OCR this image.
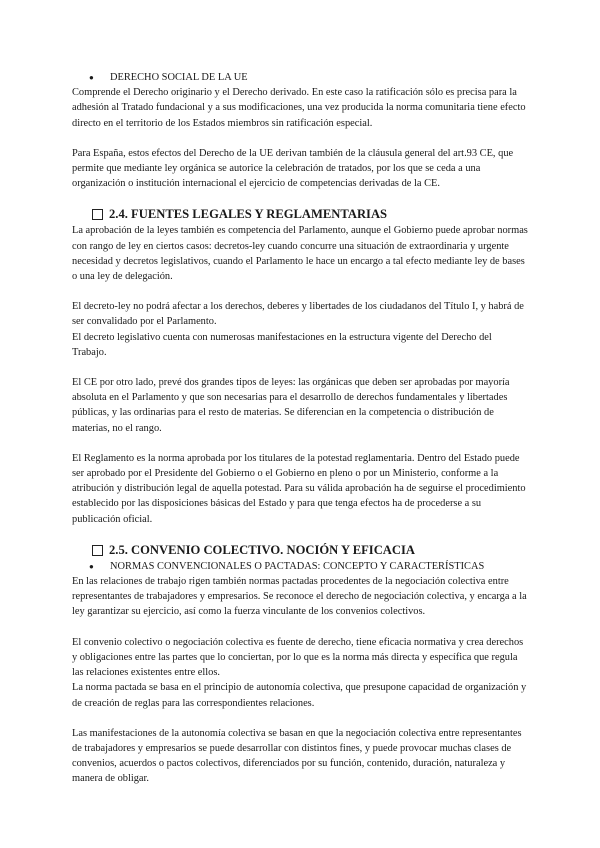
●	DERECHO SOCIAL DE LA UE

Comprende el Derecho originario y el Derecho derivado. En este caso la ratificación sólo es precisa para la adhesión al Tratado fundacional y a sus modificaciones, una vez producida la norma comunitaria tiene efecto directo en el territorio de los Estados miembros sin ratificación especial.

Para España, estos efectos del Derecho de la UE derivan también de la cláusula general del art.93 CE, que permite que mediante ley orgánica se autorice la celebración de tratados, por los que se ceda a una organización o institución internacional el ejercicio de competencias derivadas de la CE.

2.4. FUENTES LEGALES Y REGLAMENTARIAS

La aprobación de la leyes también es competencia del Parlamento, aunque el Gobierno puede aprobar normas con rango de ley en ciertos casos: decretos-ley cuando concurre una situación de extraordinaria y urgente necesidad y decretos legislativos, cuando el Parlamento le hace un encargo a tal efecto mediante ley de bases o una ley de delegación.

El decreto-ley no podrá afectar a los derechos, deberes y libertades de los ciudadanos del Título I, y habrá de ser convalidado por el Parlamento.

El decreto legislativo cuenta con numerosas manifestaciones en la estructura vigente del Derecho del Trabajo.

El CE por otro lado, prevé dos grandes tipos de leyes: las orgánicas que deben ser aprobadas por mayoría absoluta en el Parlamento y que son necesarias para el desarrollo de derechos fundamentales y libertades públicas, y las ordinarias para el resto de materias. Se diferencian en la competencia o distribución de materias, no el rango.

El Reglamento es la norma aprobada por los titulares de la potestad reglamentaria. Dentro del Estado puede ser aprobado por el Presidente del Gobierno o el Gobierno en pleno o por un Ministerio, conforme a la atribución y distribución legal de aquella potestad. Para su válida aprobación ha de seguirse el procedimiento establecido por las disposiciones básicas del Estado y para que tenga efectos ha de procederse a su publicación oficial.

2.5. CONVENIO COLECTIVO. NOCIÓN Y EFICACIA
●	NORMAS CONVENCIONALES O PACTADAS: CONCEPTO Y CARACTERÍSTICAS

En las relaciones de trabajo rigen también normas pactadas procedentes de la negociación colectiva entre representantes de trabajadores y empresarios. Se reconoce el derecho de negociación colectiva, y encarga a la ley garantizar su ejercicio, así como la fuerza vinculante de los convenios colectivos.

El convenio colectivo o negociación colectiva es fuente de derecho, tiene eficacia normativa y crea derechos y obligaciones entre las partes que lo conciertan, por lo que es la norma más directa y específica que regula las relaciones existentes entre ellos.

La norma pactada se basa en el principio de autonomía colectiva, que presupone capacidad de organización y de creación de reglas para las correspondientes relaciones.

Las manifestaciones de la autonomía colectiva se basan en que la negociación colectiva entre representantes de trabajadores y empresarios se puede desarrollar con distintos fines, y puede provocar muchas clases de convenios, acuerdos o pactos colectivos, diferenciados por su función, contenido, duración, naturaleza y manera de obligar.
